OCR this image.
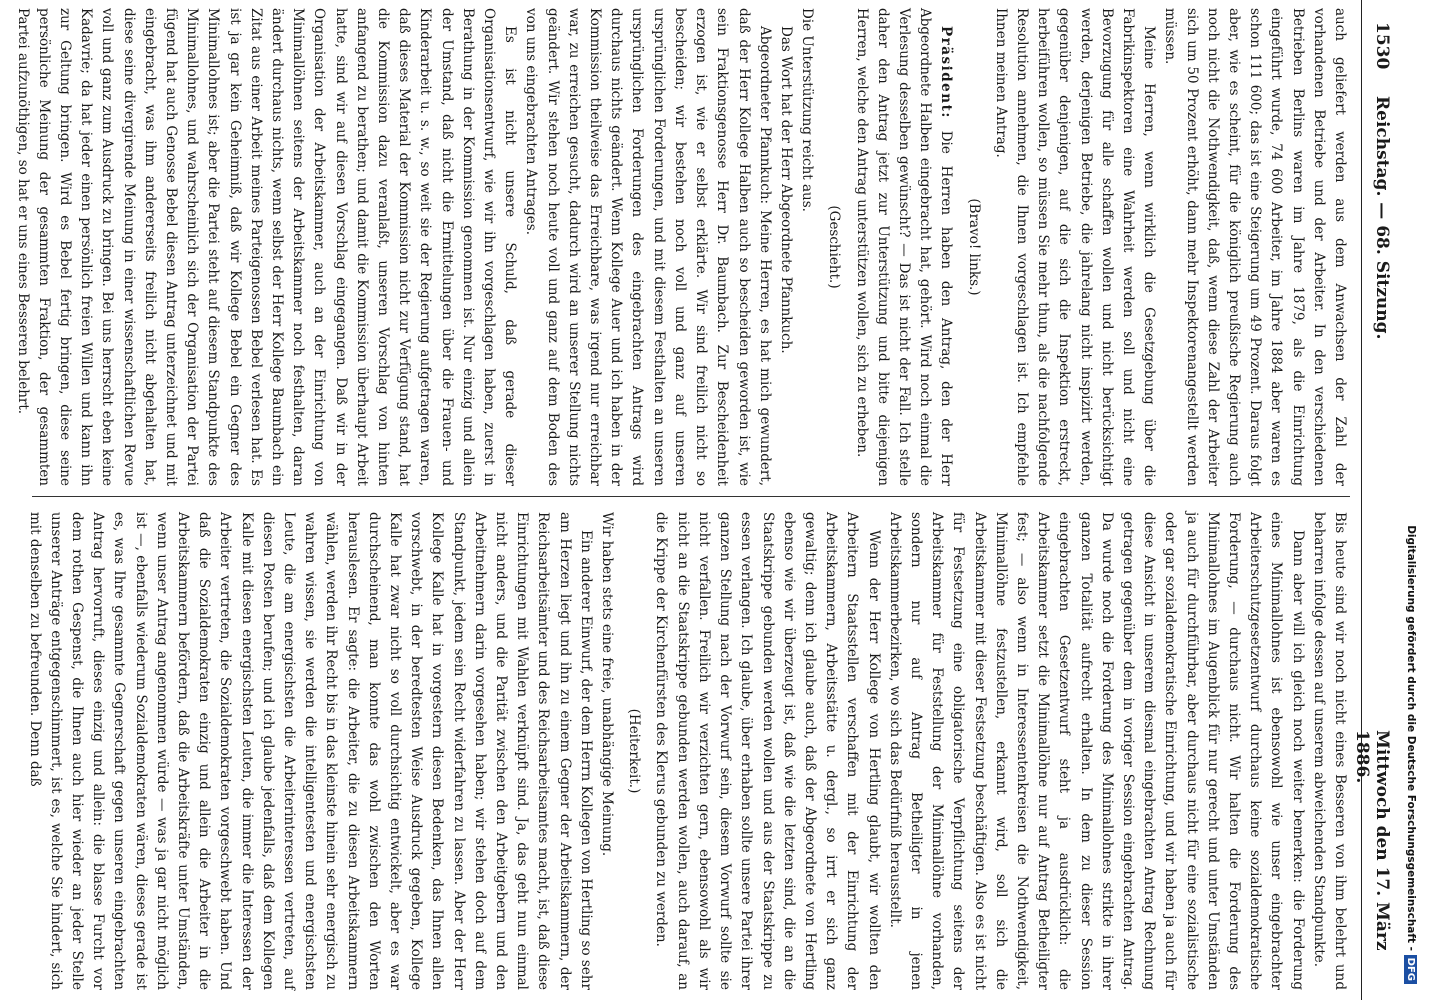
1530
Reichstag. — 68. Sitzung.
Mittwoch den 17. März 1886.

auch geliefert werden aus dem Anwachsen der Zahl der vorhandenen Betriebe und der Arbeiter. In den verschiedenen Betrieben Berlins waren im Jahre 1879, als die Einrichtung eingeführt wurde, 74 600 Arbeiter, im Jahre 1884 aber waren es schon 111 600; das ist eine Steigerung um 49 Prozent. Daraus folgt aber, wie es scheint, für die königlich preußische Regierung auch noch nicht die Nothwendigkeit, daß, wenn diese Zahl der Arbeiter sich um 50 Prozent erhöht, dann mehr Inspektorenangestellt werden müssen.

Meine Herren, wenn wirklich die Gesetzgebung über die Fabrikinspektoren eine Wahrheit werden soll und nicht eine Bevorzugung für alle schaffen wollen und nicht berücksichtigt werden, derjenigen Betriebe, die jahrelang nicht inspizirt werden, gegenüber denjenigen, auf die sich die Inspektion erstreckt, herbeiführen wollen, so müssen Sie mehr thun, als die nachfolgende Resolution annehmen, die Ihnen vorgeschlagen ist. Ich empfehle Ihnen meinen Antrag.

(Bravo! links.)

Präsident: Die Herren haben den Antrag, den der Herr Abgeordnete Halben eingebracht hat, gehört. Wird noch einmal die Verlesung desselben gewünscht? — Das ist nicht der Fall. Ich stelle daher den Antrag jetzt zur Unterstützung und bitte diejenigen Herren, welche den Antrag unterstützen wollen, sich zu erheben.

(Geschieht.)

Die Unterstützung reicht aus.

Das Wort hat der Herr Abgeordnete Pfannkuch.

Abgeordneter Pfannkuch: Meine Herren, es hat mich gewundert, daß der Herr Kollege Halben auch so bescheiden geworden ist, wie sein Fraktionsgenosse Herr Dr. Baumbach. Zur Bescheidenheit erzogen ist, wie er selbst erklärte. Wir sind freilich nicht so bescheiden; wir bestehen noch voll und ganz auf unseren ursprünglichen Forderungen, und mit diesem Festhalten an unseren ursprünglichen Forderungen des eingebrachten Antrags wird durchaus nichts geändert. Wenn Kollege Auer und ich haben in der Kommission theilweise das Erreichbare, was irgend nur erreichbar war, zu erreichen gesucht, dadurch wird an unserer Stellung nichts geändert. Wir stehen noch heute voll und ganz auf dem Boden des von uns eingebrachten Antrages.

Es ist nicht unsere Schuld, daß gerade dieser Organisationsentwurf, wie wir ihn vorgeschlagen haben, zuerst in Berathung in der Kommission genommen ist. Nur einzig und allein der Umstand, daß nicht die Ermittelungen über die Frauen- und Kinderarbeit u. s. w., so weit sie der Regierung aufgetragen waren, daß dieses Material der Kommission nicht zur Verfügung stand, hat die Kommission dazu veranlaßt, unseren Vorschlag von hinten anfangend zu berathen; und damit die Kommission überhaupt Arbeit hatte, sind wir auf diesen Vorschlag eingegangen. Daß wir in der Organisation der Arbeitskammer, auch an der Einrichtung von Minimallöhnen seitens der Arbeitskammer noch festhalten, daran ändert durchaus nichts, wenn selbst der Herr Kollege Baumbach ein Zitat aus einer Arbeit meines Parteigenossen Bebel verlesen hat. Es ist ja gar kein Geheimniß, daß wir Kollege Bebel ein Gegner des Minimallohnes ist; aber die Partei steht auf diesem Standpunkte des Minimallohnes, und wahrscheinlich sich der Organisation der Partei fügend hat auch Genosse Bebel diesen Antrag unterzeichnet und mit eingebracht, was ihm andererseits freilich nicht abgehalten hat, diese seine divergirende Meinung in einer wissenschaftlichen Revue voll und ganz zum Ausdruck zu bringen. Bei uns herrscht eben keine Kadavrie; da hat jeder einen persönlich freien Willen und kann ihn zur Geltung bringen. Wird es Bebel fertig bringen, diese seine persönliche Meinung der gesammten Fraktion, der gesammten Partei aufzunöthigen, so hat er uns eines Besseren belehrt.

Bis heute sind wir noch nicht eines Besseren von ihm belehrt und beharren infolge dessen auf unserem abweichenden Standpunkte.

Dann aber will ich gleich noch weiter bemerken: die Forderung eines Minimallohnes ist ebensowohl wie unser eingebrachter Arbeiterschutzgesetzentwurf durchaus keine sozialdemokratische Forderung, — durchaus nicht. Wir halten die Forderung des Minimallohnes im Augenblick für nur gerecht und unter Umständen ja auch für durchführbar, aber durchaus nicht für eine sozialistische oder gar sozialdemokratische Einrichtung, und wir haben ja auch für diese Ansicht in unserem diesmal eingebrachten Antrag Rechnung getragen gegenüber dem in voriger Session eingebrachten Antrag. Da wurde noch die Forderung des Minimallohnes strikte in ihrer ganzen Totalität aufrecht erhalten. In dem zu dieser Session eingebrachten Gesetzentwurf steht ja ausdrücklich: die Arbeitskammer setzt die Minimallöhne nur auf Antrag Betheiligter fest; — also wenn in Interessentenkreisen die Nothwendigkeit, Minimallöhne festzustellen, erkannt wird, soll sich die Arbeitskammer mit dieser Festsetzung beschäftigen. Also es ist nicht für Festsetzung eine obligatorische Verpflichtung seitens der Arbeitskammer für Feststellung der Minimallöhne vorhanden, sondern nur auf Antrag Betheiligter in jenen Arbeitskammerbezirken, wo sich das Bedürfniß herausstellt.

Wenn der Herr Kollege von Hertling glaubt, wir wollten den Arbeitern Staatsstellen verschaffen mit der Einrichtung der Arbeitskammern, Arbeitsstätte u. dergl., so irrt er sich ganz gewaltig; denn ich glaube auch, daß der Abgeordnete von Hertling ebenso wie wir überzeugt ist, daß wie die letzten sind, die an die Staatskrippe gebunden werden wollen und aus der Staatskrippe zu essen verlangen. Ich glaube, über erhaben sollte unsere Partei ihrer ganzen Stellung nach der Vorwurf sein, diesem Vorwurf sollte sie nicht verfallen. Freilich wir verzichten gern, ebensowohl als wir nicht an die Staatskrippe gebunden werden wollen, auch darauf, an die Krippe der Kirchenfürsten des Klerus gebunden zu werden.

(Heiterkeit.)

Wir haben stets eine freie, unabhängige Meinung.

Ein anderer Einwurf, der dem Herrn Kollegen von Hertling so sehr am Herzen liegt und ihn zu einem Gegner der Arbeitskammern, der Reichsarbeitsämter und des Reichsarbeitsamtes macht, ist, daß diese Einrichtungen mit Wahlen verknüpft sind. Ja, das geht nun einmal nicht anders, und die Parität zwischen den Arbeitgebern und den Arbeitnehmern darin vorgesehen haben; wir stehen doch auf dem Standpunkt, jedem sein Recht widerfahren zu lassen. Aber der Herr Kollege Kalle hat in vorgestern diesen Bedenken, das Ihnen allen vorschwebt, in der beredtesten Weise Ausdruck gegeben, Kollege Kalle hat zwar nicht so voll durchsichtig entwickelt, aber es war durchscheinend, man konnte das wohl zwischen den Worten herauslesen. Er sagte: die Arbeiter, die zu diesen Arbeitskammern wählen, werden ihr Recht bis in das kleinste hinein sehr energisch zu wahren wissen, sie werden die intelligentesten und energischsten Leute, die am energischsten die Arbeiterinteressen vertreten, auf diesen Posten berufen; und ich glaube jedenfalls, daß dem Kollegen Kalle mit diesen energischsten Leuten, die immer die Interessen der Arbeiter vertreten, die Sozialdemokraten vorgeschwebt haben. Und daß die Sozialdemokraten einzig und allein die Arbeiter in die Arbeitskammern befördern, daß die Arbeitskräfte unter Umständen, wenn unser Antrag angenommen würde — was ja gar nicht möglich ist —, ebenfalls wiederum Sozialdemokraten wären, dieses gerade ist es, was Ihre gesammte Gegnerschaft gegen unseren eingebrachten Antrag hervorruft, dieses einzig und allein: die blasse Furcht vor dem rothen Gespenst, die Ihnen auch hier wieder an jeder Stelle unserer Anträge entgegenschimmert, ist es, welche Sie hindert, sich mit denselben zu befreunden. Denn daß	Digitalisierung gefördert durch die Deutsche Forschungsgemeinschaft - DFG
